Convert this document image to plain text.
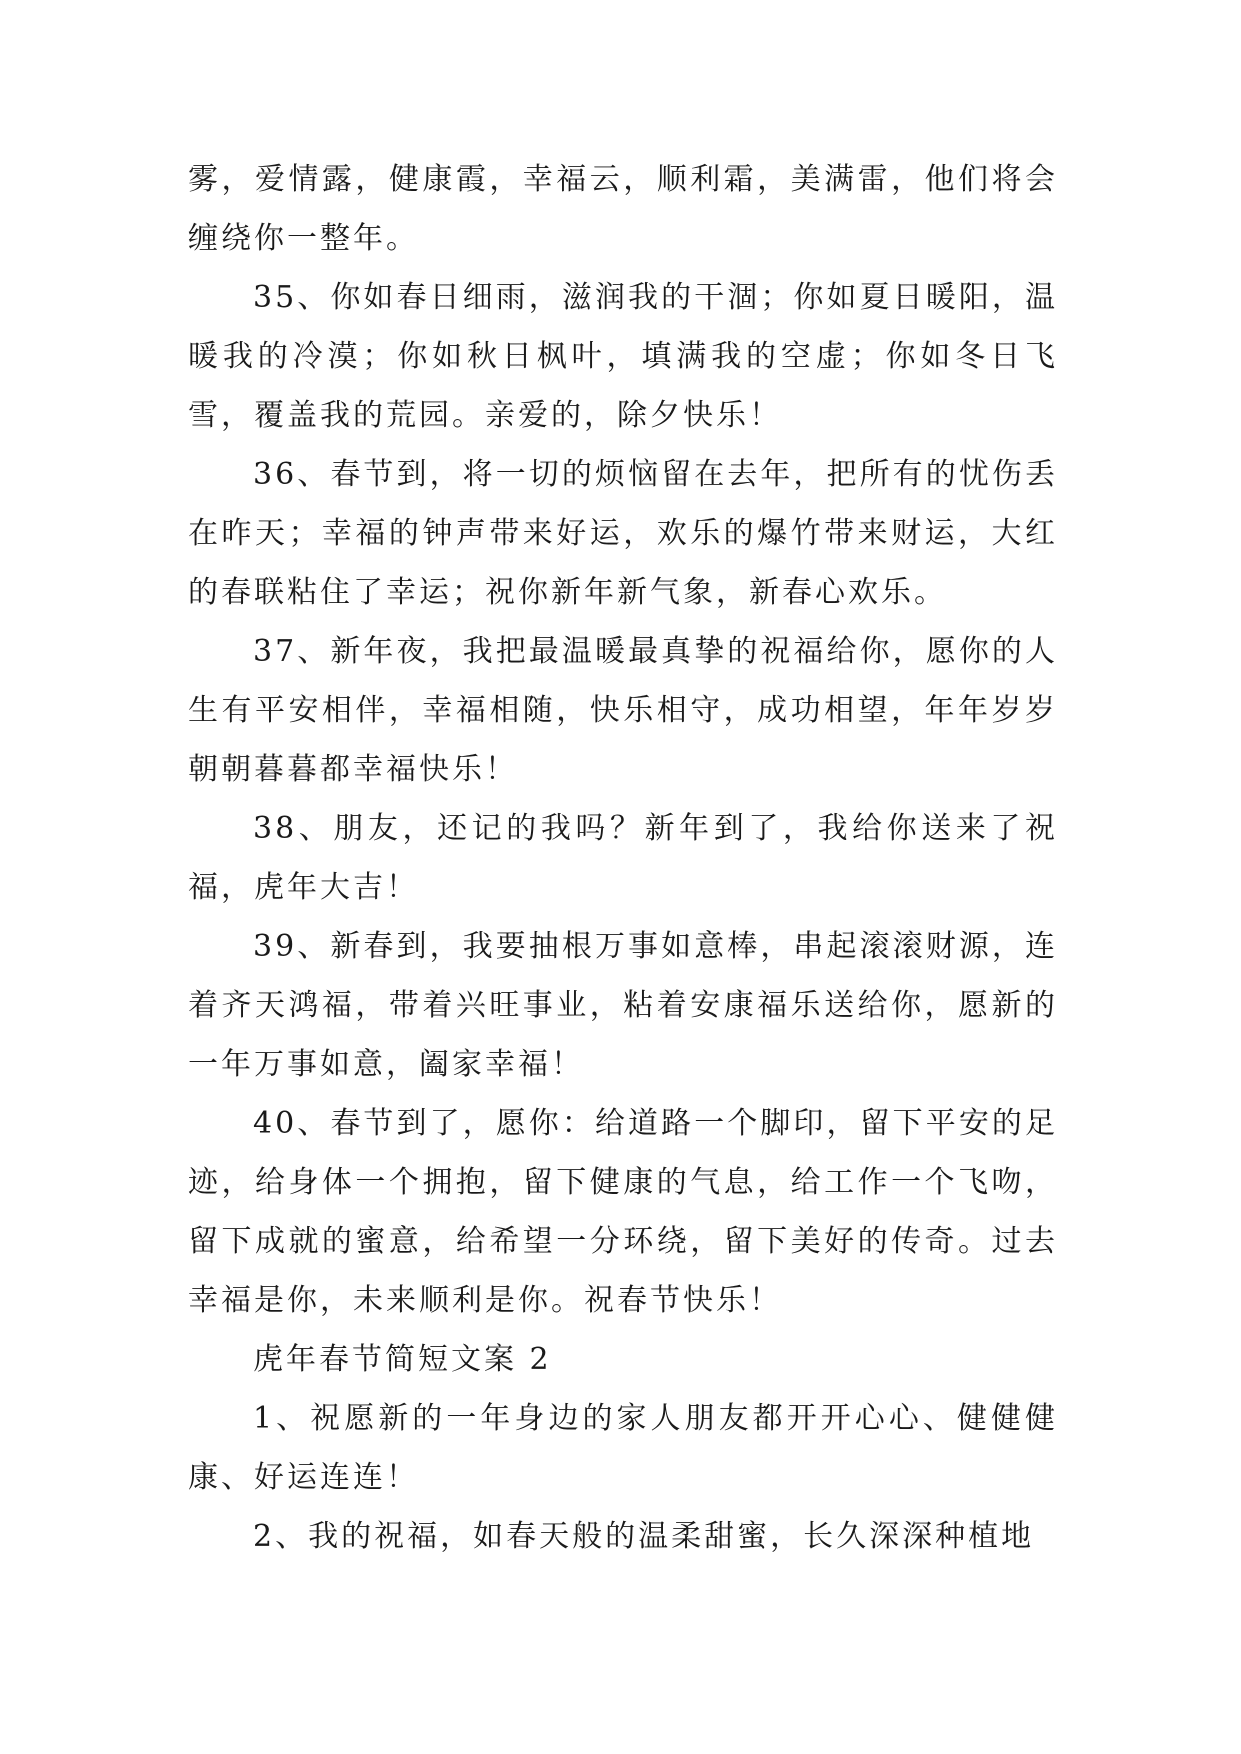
雾，爱情露，健康霞，幸福云，顺利霜，美满雷，他们将会缠绕你一整年。

35、你如春日细雨，滋润我的干涸；你如夏日暖阳，温暖我的冷漠；你如秋日枫叶，填满我的空虚；你如冬日飞雪，覆盖我的荒园。亲爱的，除夕快乐！

36、春节到，将一切的烦恼留在去年，把所有的忧伤丢在昨天；幸福的钟声带来好运，欢乐的爆竹带来财运，大红的春联粘住了幸运；祝你新年新气象，新春心欢乐。

37、新年夜，我把最温暖最真挚的祝福给你，愿你的人生有平安相伴，幸福相随，快乐相守，成功相望，年年岁岁朝朝暮暮都幸福快乐！

38、朋友，还记的我吗？新年到了，我给你送来了祝福，虎年大吉！

39、新春到，我要抽根万事如意棒，串起滚滚财源，连着齐天鸿福，带着兴旺事业，粘着安康福乐送给你，愿新的一年万事如意，阖家幸福！

40、春节到了，愿你：给道路一个脚印，留下平安的足迹，给身体一个拥抱，留下健康的气息，给工作一个飞吻，留下成就的蜜意，给希望一分环绕，留下美好的传奇。过去幸福是你，未来顺利是你。祝春节快乐！

虎年春节简短文案 2

1、祝愿新的一年身边的家人朋友都开开心心、健健健康、好运连连！

2、我的祝福，如春天般的温柔甜蜜，长久深深种植地
